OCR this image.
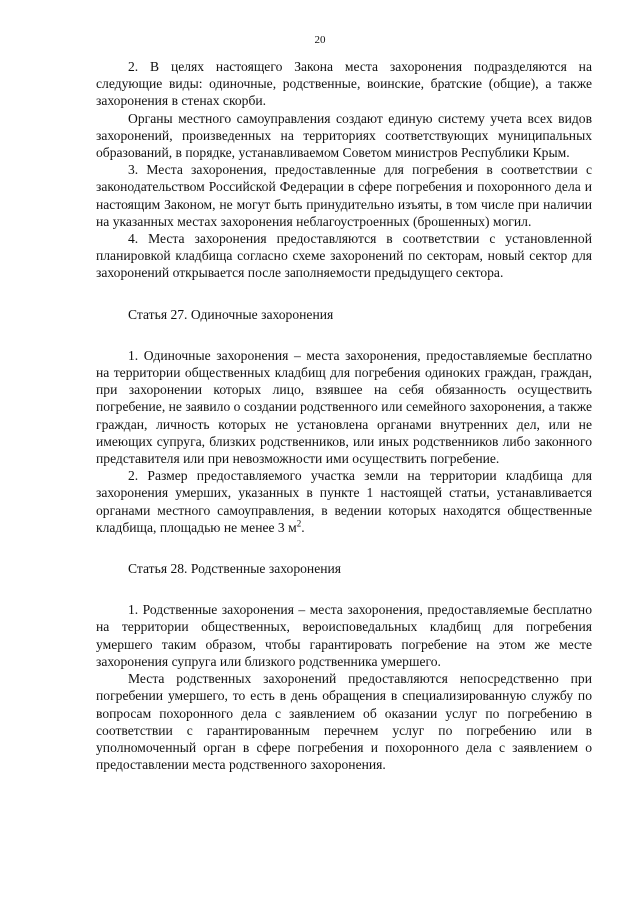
20

2. В целях настоящего Закона места захоронения подразделяются на следующие виды: одиночные, родственные, воинские, братские (общие), а также захоронения в стенах скорби.

Органы местного самоуправления создают единую систему учета всех видов захоронений, произведенных на территориях соответствующих муниципальных образований, в порядке, устанавливаемом Советом министров Республики Крым.

3. Места захоронения, предоставленные для погребения в соответствии с законодательством Российской Федерации в сфере погребения и похоронного дела и настоящим Законом, не могут быть принудительно изъяты, в том числе при наличии на указанных местах захоронения неблагоустроенных (брошенных) могил.

4. Места захоронения предоставляются в соответствии с установленной планировкой кладбища согласно схеме захоронений по секторам, новый сектор для захоронений открывается после заполняемости предыдущего сектора.

Статья 27. Одиночные захоронения

1. Одиночные захоронения – места захоронения, предоставляемые бесплатно на территории общественных кладбищ для погребения одиноких граждан, граждан, при захоронении которых лицо, взявшее на себя обязанность осуществить погребение, не заявило о создании родственного или семейного захоронения, а также граждан, личность которых не установлена органами внутренних дел, или не имеющих супруга, близких родственников, или иных родственников либо законного представителя или при невозможности ими осуществить погребение.

2. Размер предоставляемого участка земли на территории кладбища для захоронения умерших, указанных в пункте 1 настоящей статьи, устанавливается органами местного самоуправления, в ведении которых находятся общественные кладбища, площадью не менее 3 $м^2$.

Статья 28. Родственные захоронения

1. Родственные захоронения – места захоронения, предоставляемые бесплатно на территории общественных, вероисповедальных кладбищ для погребения умершего таким образом, чтобы гарантировать погребение на этом же месте захоронения супруга или близкого родственника умершего.

Места родственных захоронений предоставляются непосредственно при погребении умершего, то есть в день обращения в специализированную службу по вопросам похоронного дела с заявлением об оказании услуг по погребению в соответствии с гарантированным перечнем услуг по погребению или в уполномоченный орган в сфере погребения и похоронного дела с заявлением о предоставлении места родственного захоронения.
